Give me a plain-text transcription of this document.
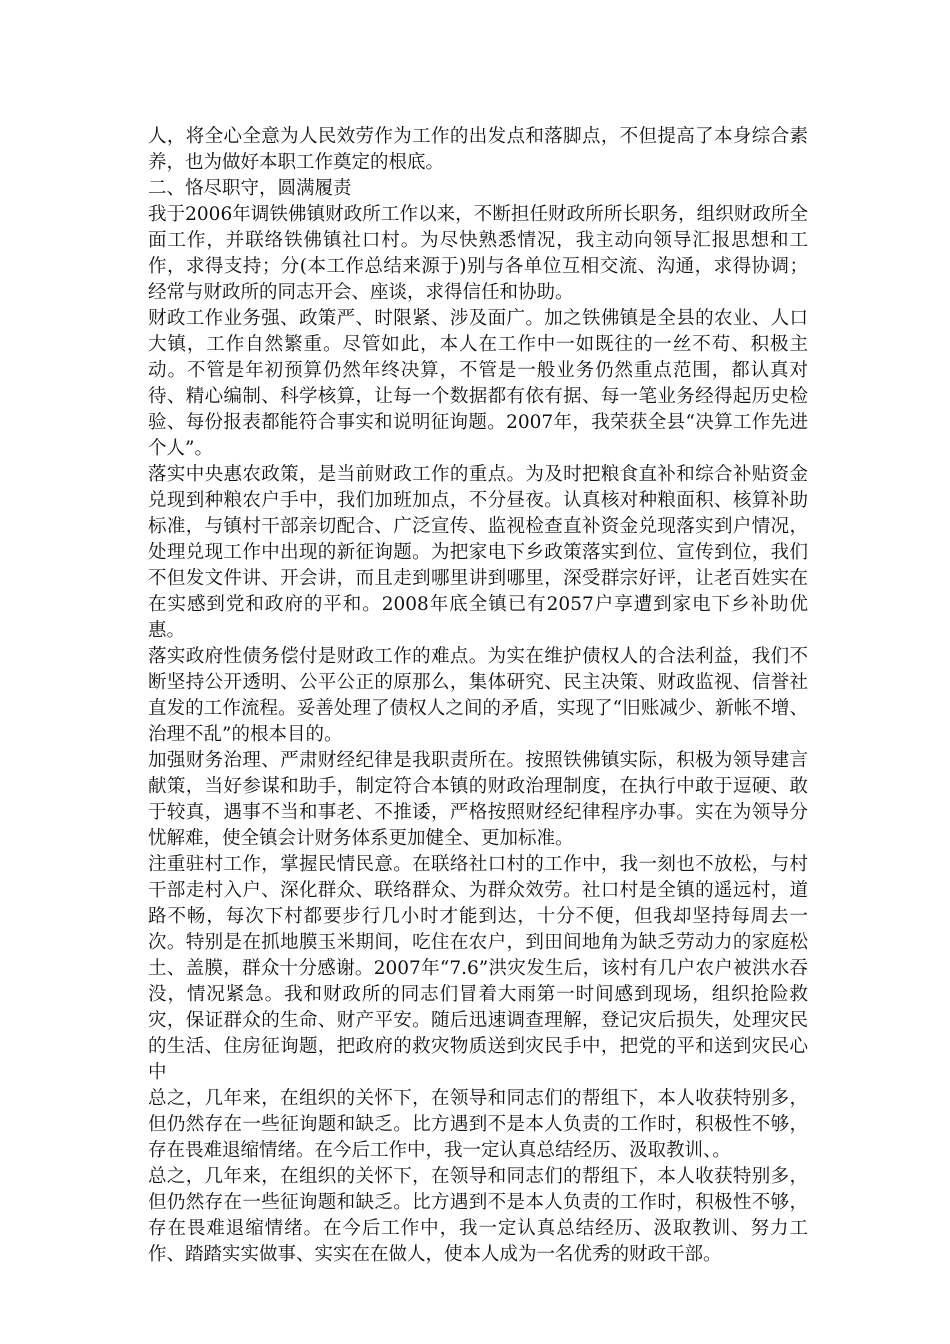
人，将全心全意为人民效劳作为工作的出发点和落脚点，不但提高了本身综合素养，也为做好本职工作奠定的根底。

二、恪尽职守，圆满履责

我于2006年调铁佛镇财政所工作以来，不断担任财政所所长职务，组织财政所全面工作，并联络铁佛镇社口村。为尽快熟悉情况，我主动向领导汇报思想和工作，求得支持；分(本工作总结来源于)别与各单位互相交流、沟通，求得协调；经常与财政所的同志开会、座谈，求得信任和协助。

财政工作业务强、政策严、时限紧、涉及面广。加之铁佛镇是全县的农业、人口大镇，工作自然繁重。尽管如此，本人在工作中一如既往的一丝不苟、积极主动。不管是年初预算仍然年终决算，不管是一般业务仍然重点范围，都认真对待、精心编制、科学核算，让每一个数据都有依有据、每一笔业务经得起历史检验、每份报表都能符合事实和说明征询题。2007年，我荣获全县“决算工作先进个人”。

落实中央惠农政策，是当前财政工作的重点。为及时把粮食直补和综合补贴资金兑现到种粮农户手中，我们加班加点，不分昼夜。认真核对种粮面积、核算补助标准，与镇村干部亲切配合、广泛宣传、监视检查直补资金兑现落实到户情况，处理兑现工作中出现的新征询题。为把家电下乡政策落实到位、宣传到位，我们不但发文件讲、开会讲，而且走到哪里讲到哪里，深受群宗好评，让老百姓实在在实感到党和政府的平和。2008年底全镇已有2057户享遭到家电下乡补助优惠。

落实政府性债务偿付是财政工作的难点。为实在维护债权人的合法利益，我们不断坚持公开透明、公平公正的原那么，集体研究、民主决策、财政监视、信誉社直发的工作流程。妥善处理了债权人之间的矛盾，实现了“旧账减少、新帐不增、治理不乱”的根本目的。

加强财务治理、严肃财经纪律是我职责所在。按照铁佛镇实际，积极为领导建言献策，当好参谋和助手，制定符合本镇的财政治理制度，在执行中敢于逗硬、敢于较真，遇事不当和事老、不推诿，严格按照财经纪律程序办事。实在为领导分忧解难，使全镇会计财务体系更加健全、更加标准。

注重驻村工作，掌握民情民意。在联络社口村的工作中，我一刻也不放松，与村干部走村入户、深化群众、联络群众、为群众效劳。社口村是全镇的遥远村，道路不畅，每次下村都要步行几小时才能到达，十分不便，但我却坚持每周去一次。特别是在抓地膜玉米期间，吃住在农户，到田间地角为缺乏劳动力的家庭松土、盖膜，群众十分感谢。2007年“7.6”洪灾发生后，该村有几户农户被洪水吞没，情况紧急。我和财政所的同志们冒着大雨第一时间感到现场，组织抢险救灾，保证群众的生命、财产平安。随后迅速调查理解，登记灾后损失，处理灾民的生活、住房征询题，把政府的救灾物质送到灾民手中，把党的平和送到灾民心中

总之，几年来，在组织的关怀下，在领导和同志们的帮组下，本人收获特别多，但仍然存在一些征询题和缺乏。比方遇到不是本人负责的工作时，积极性不够，存在畏难退缩情绪。在今后工作中，我一定认真总结经历、汲取教训、。

总之，几年来，在组织的关怀下，在领导和同志们的帮组下，本人收获特别多，但仍然存在一些征询题和缺乏。比方遇到不是本人负责的工作时，积极性不够，存在畏难退缩情绪。在今后工作中，我一定认真总结经历、汲取教训、努力工作、踏踏实实做事、实实在在做人，使本人成为一名优秀的财政干部。
